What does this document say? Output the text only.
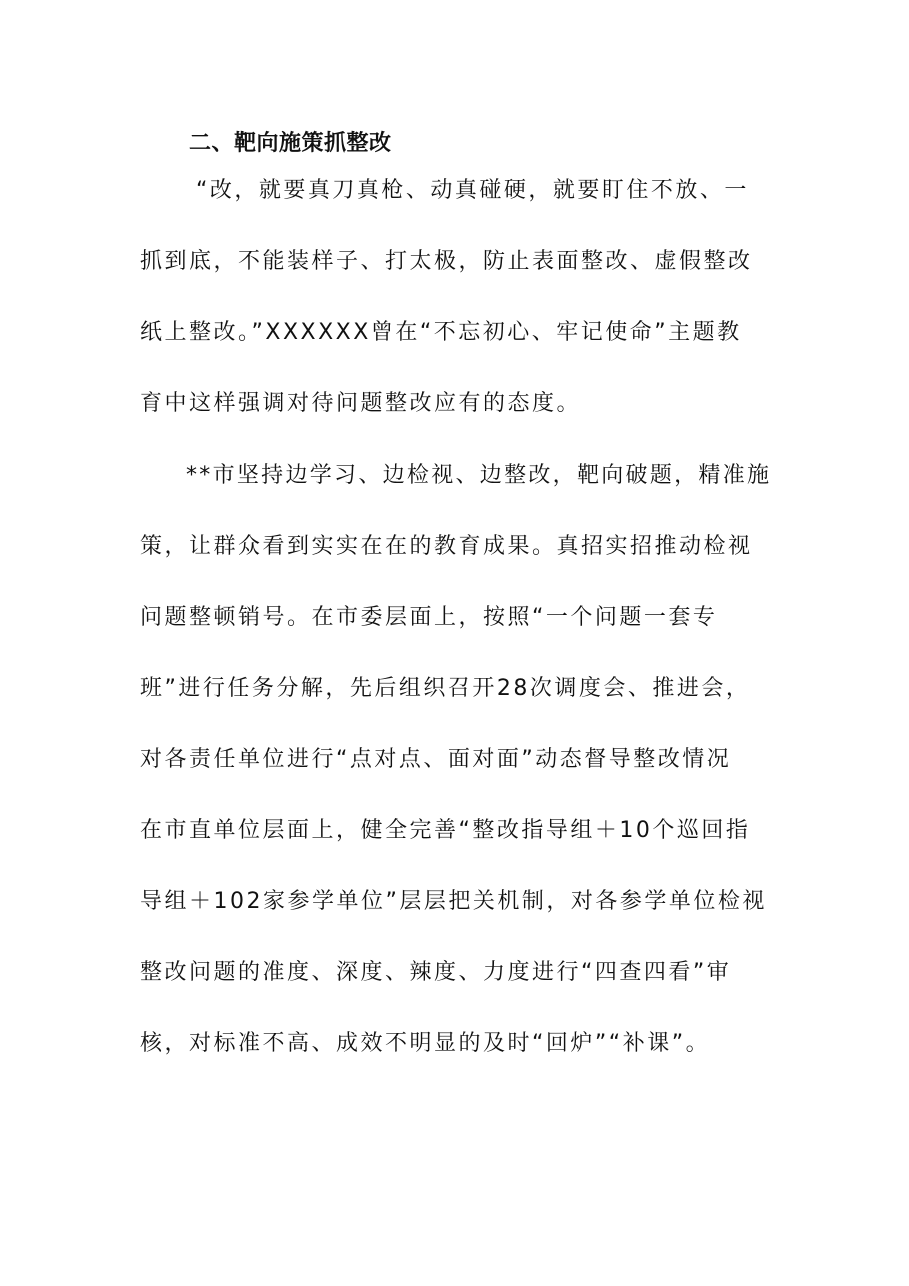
二、靶向施策抓整改
“改，就要真刀真枪、动真碰硬，就要盯住不放、一
抓到底，不能装样子、打太极，防止表面整改、虚假整改
纸上整改。”XXXXXX曾在“不忘初心、牢记使命”主题教
育中这样强调对待问题整改应有的态度。
**市坚持边学习、边检视、边整改，靶向破题，精准施
策，让群众看到实实在在的教育成果。真招实招推动检视
问题整顿销号。在市委层面上，按照“一个问题一套专
班”进行任务分解，先后组织召开28次调度会、推进会，
对各责任单位进行“点对点、面对面”动态督导整改情况
在市直单位层面上，健全完善“整改指导组＋10个巡回指
导组＋102家参学单位”层层把关机制，对各参学单位检视
整改问题的准度、深度、辣度、力度进行“四查四看”审
核，对标准不高、成效不明显的及时“回炉”“补课”。
